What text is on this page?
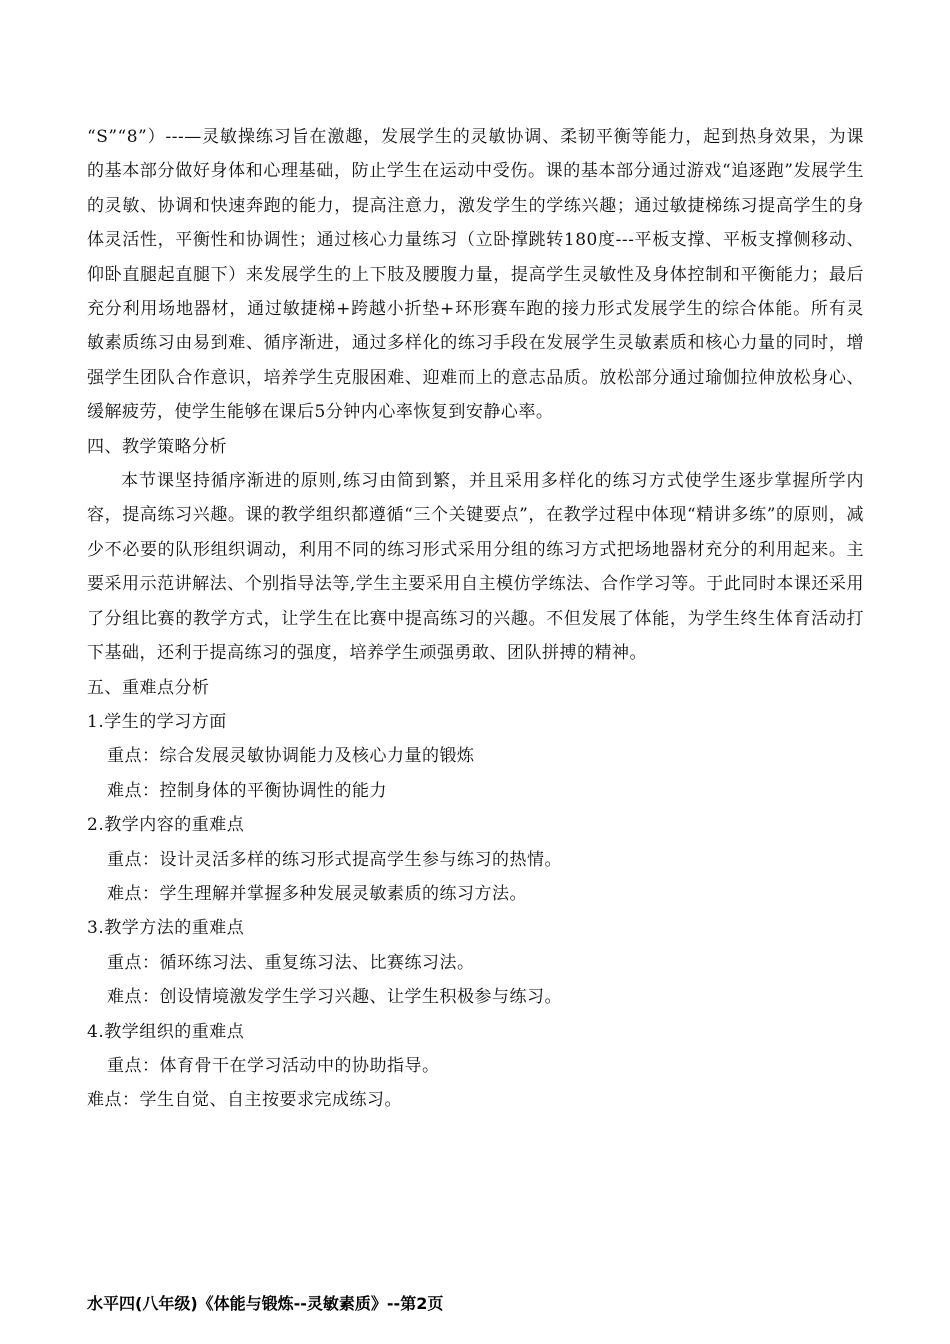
“S”“8”）---—灵敏操练习旨在激趣，发展学生的灵敏协调、柔韧平衡等能力，起到热身效果，为课的基本部分做好身体和心理基础，防止学生在运动中受伤。课的基本部分通过游戏“追逐跑”发展学生的灵敏、协调和快速奔跑的能力，提高注意力，激发学生的学练兴趣；通过敏捷梯练习提高学生的身体灵活性，平衡性和协调性；通过核心力量练习（立卧撑跳转180度---平板支撑、平板支撑侧移动、仰卧直腿起直腿下）来发展学生的上下肢及腰腹力量，提高学生灵敏性及身体控制和平衡能力；最后充分利用场地器材，通过敏捷梯+跨越小折垫+环形赛车跑的接力形式发展学生的综合体能。所有灵敏素质练习由易到难、循序渐进，通过多样化的练习手段在发展学生灵敏素质和核心力量的同时，增强学生团队合作意识，培养学生克服困难、迎难而上的意志品质。放松部分通过瑜伽拉伸放松身心、缓解疲劳，使学生能够在课后5分钟内心率恢复到安静心率。

四、教学策略分析

本节课坚持循序渐进的原则,练习由简到繁，并且采用多样化的练习方式使学生逐步掌握所学内容，提高练习兴趣。课的教学组织都遵循“三个关键要点”，在教学过程中体现“精讲多练”的原则，减少不必要的队形组织调动，利用不同的练习形式采用分组的练习方式把场地器材充分的利用起来。主要采用示范讲解法、个别指导法等,学生主要采用自主模仿学练法、合作学习等。于此同时本课还采用了分组比赛的教学方式，让学生在比赛中提高练习的兴趣。不但发展了体能，为学生终生体育活动打下基础，还利于提高练习的强度，培养学生顽强勇敢、团队拼搏的精神。

五、重难点分析

1.学生的学习方面

重点：综合发展灵敏协调能力及核心力量的锻炼

难点：控制身体的平衡协调性的能力

2.教学内容的重难点

重点：设计灵活多样的练习形式提高学生参与练习的热情。

难点：学生理解并掌握多种发展灵敏素质的练习方法。

3.教学方法的重难点

重点：循环练习法、重复练习法、比赛练习法。

难点：创设情境激发学生学习兴趣、让学生积极参与练习。

4.教学组织的重难点

重点：体育骨干在学习活动中的协助指导。

难点：学生自觉、自主按要求完成练习。

水平四(八年级)《体能与锻炼--灵敏素质》--第2页
